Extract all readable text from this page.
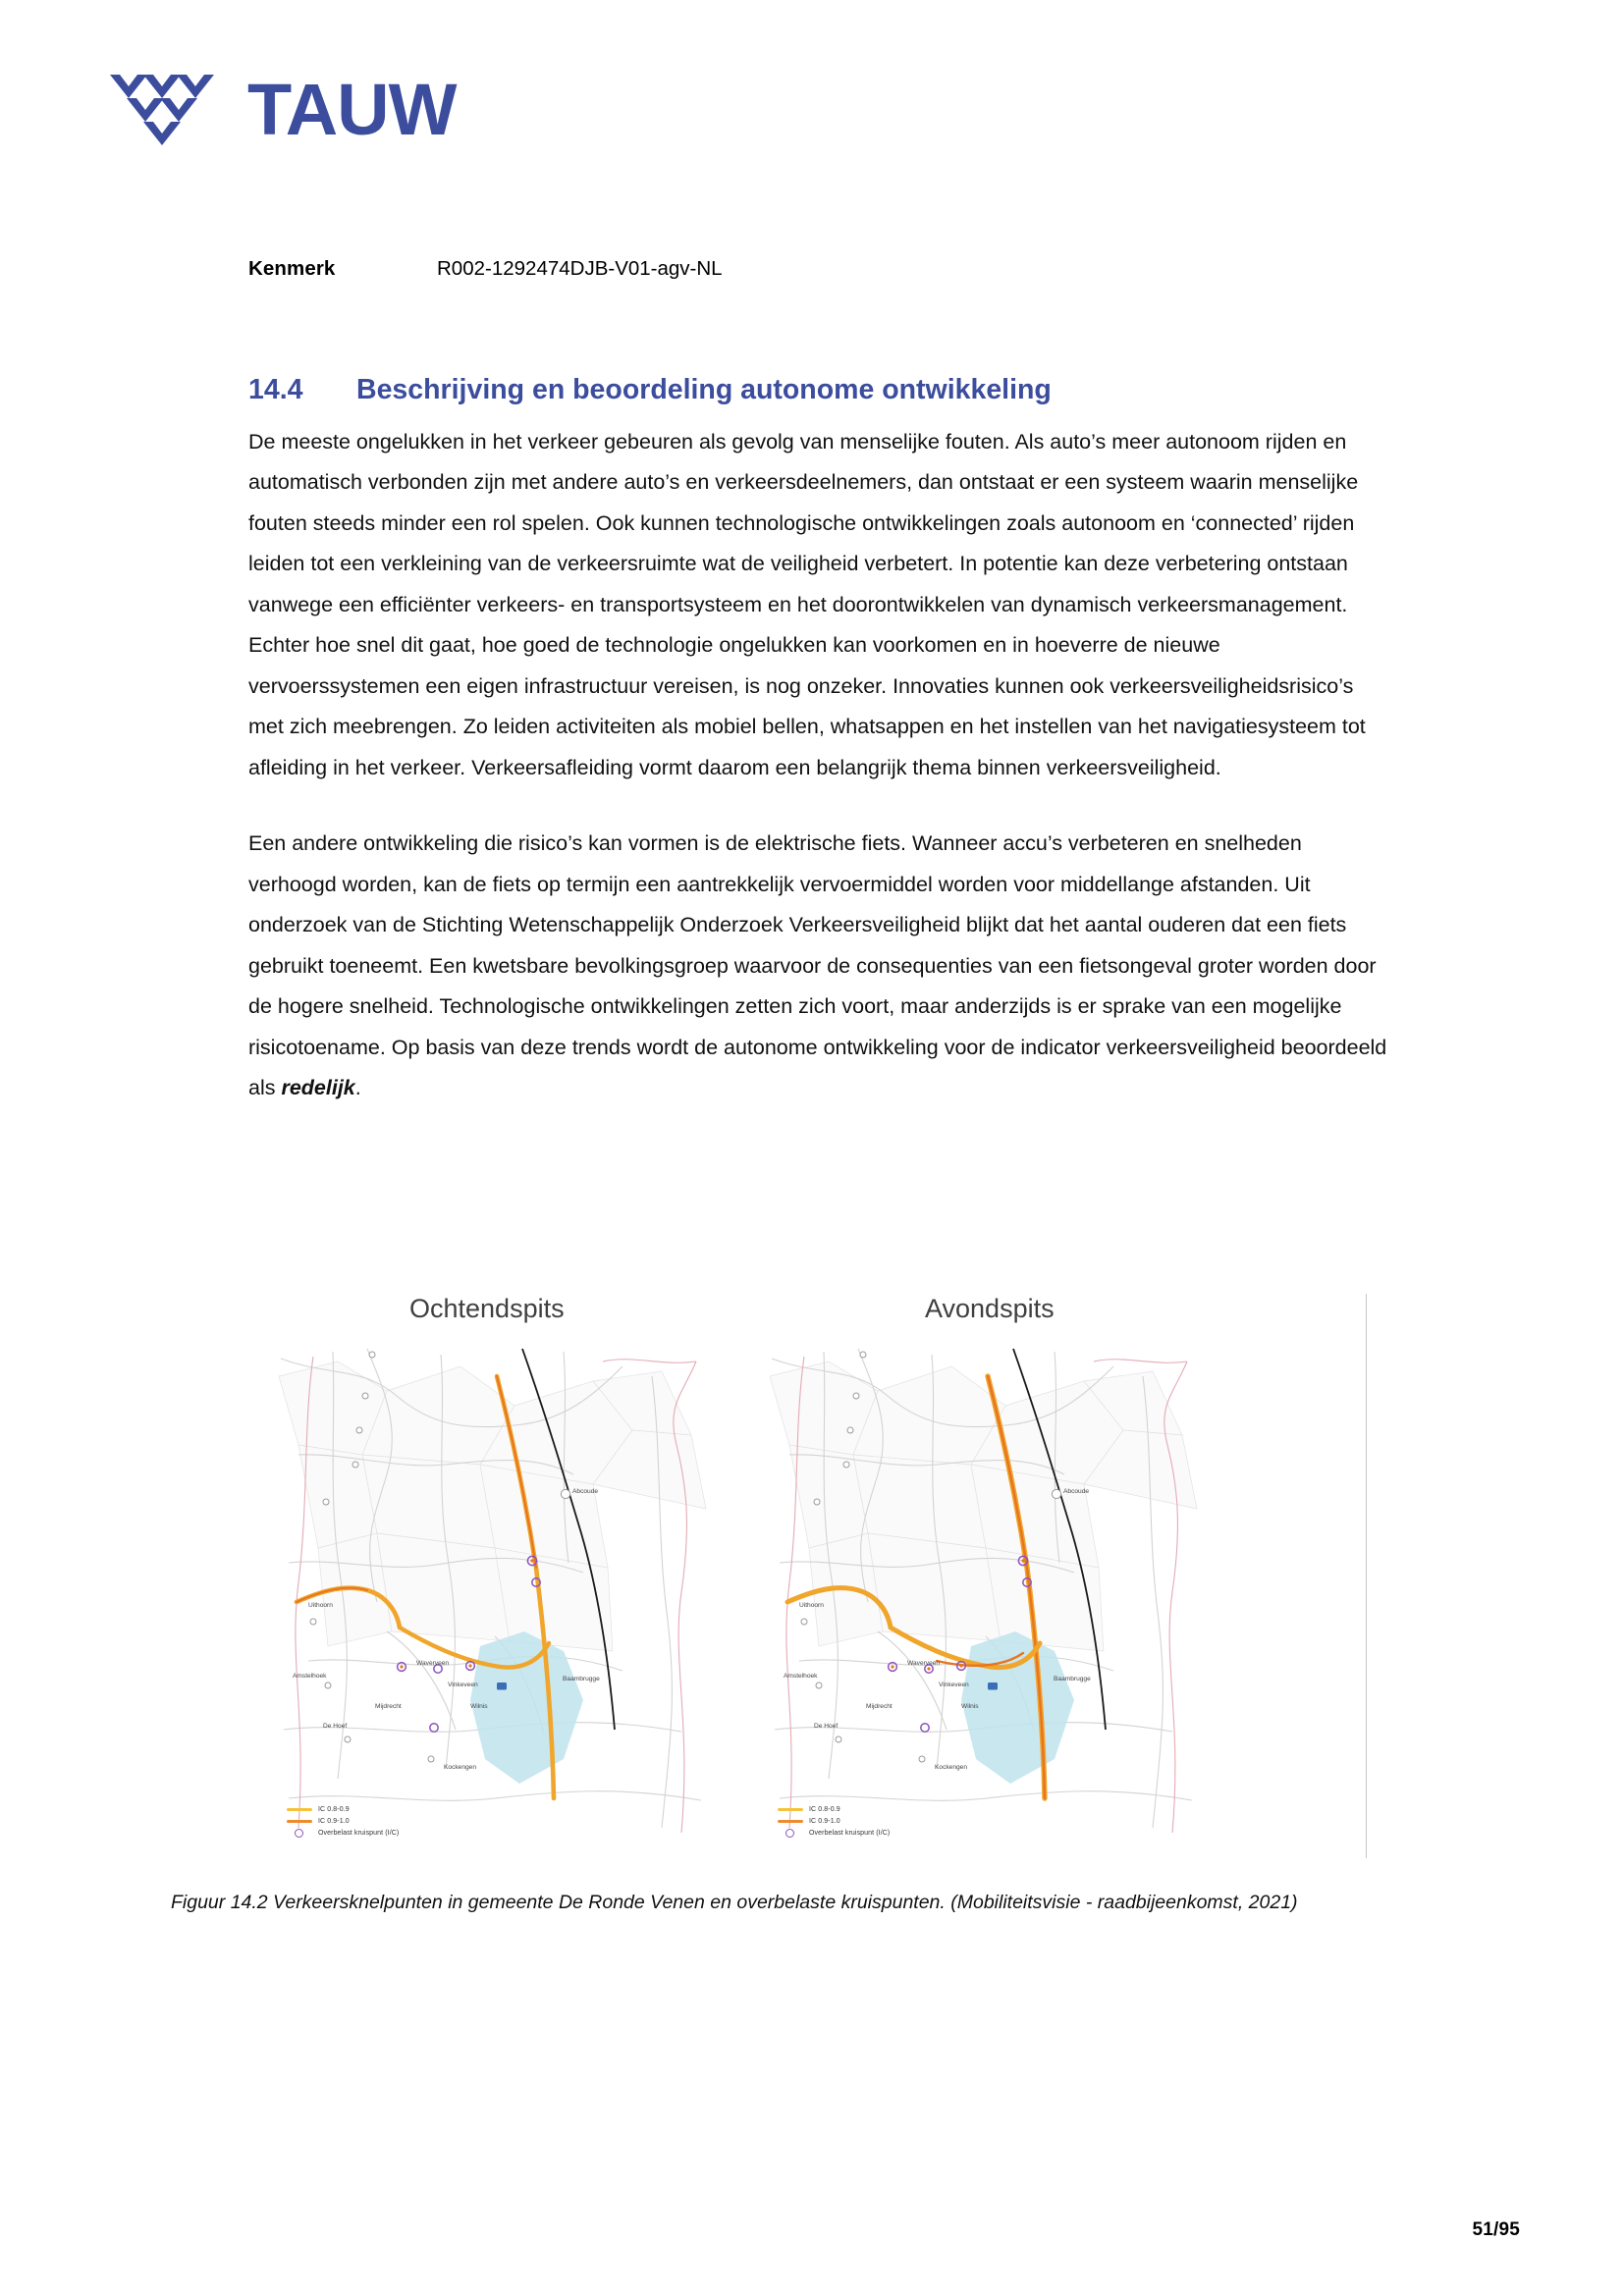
TAUW
Kenmerk	R002-1292474DJB-V01-agv-NL
14.4	Beschrijving en beoordeling autonome ontwikkeling

De meeste ongelukken in het verkeer gebeuren als gevolg van menselijke fouten. Als auto’s meer autonoom rijden en automatisch verbonden zijn met andere auto’s en verkeersdeelnemers, dan ontstaat er een systeem waarin menselijke fouten steeds minder een rol spelen. Ook kunnen technologische ontwikkelingen zoals autonoom en ‘connected’ rijden leiden tot een verkleining van de verkeersruimte wat de veiligheid verbetert. In potentie kan deze verbetering ontstaan vanwege een efficiënter verkeers- en transportsysteem en het doorontwikkelen van dynamisch verkeersmanagement. Echter hoe snel dit gaat, hoe goed de technologie ongelukken kan voorkomen en in hoeverre de nieuwe vervoerssystemen een eigen infrastructuur vereisen, is nog onzeker. Innovaties kunnen ook verkeersveiligheidsrisico’s met zich meebrengen. Zo leiden activiteiten als mobiel bellen, whatsappen en het instellen van het navigatiesysteem tot afleiding in het verkeer. Verkeersafleiding vormt daarom een belangrijk thema binnen verkeersveiligheid.

Een andere ontwikkeling die risico’s kan vormen is de elektrische fiets. Wanneer accu’s verbeteren en snelheden verhoogd worden, kan de fiets op termijn een aantrekkelijk vervoermiddel worden voor middellange afstanden. Uit onderzoek van de Stichting Wetenschappelijk Onderzoek Verkeersveiligheid blijkt dat het aantal ouderen dat een fiets gebruikt toeneemt. Een kwetsbare bevolkingsgroep waarvoor de consequenties van een fietsongeval groter worden door de hogere snelheid. Technologische ontwikkelingen zetten zich voort, maar anderzijds is er sprake van een mogelijke risicotoename. Op basis van deze trends wordt de autonome ontwikkeling voor de indicator verkeersveiligheid beoordeeld als redelijk.

Ochtendspits	Avondspits
Abcoude
Baambrugge
Uithoorn
Amstelhoek
Waverveen
Mijdrecht
Vinkeveen
Wilnis
De Hoef
Kockengen
IC 0.8-0.9
IC 0.9-1.0
Overbelast kruispunt (I/C)
Abcoude
Baambrugge
Uithoorn
Amstelhoek
Waverveen
Mijdrecht
Vinkeveen
Wilnis
De Hoef
Kockengen
IC 0.8-0.9
IC 0.9-1.0
Overbelast kruispunt (I/C)
Figuur 14.2 Verkeersknelpunten in gemeente De Ronde Venen en overbelaste kruispunten. (Mobiliteitsvisie - raadbijeenkomst, 2021)
51/95
